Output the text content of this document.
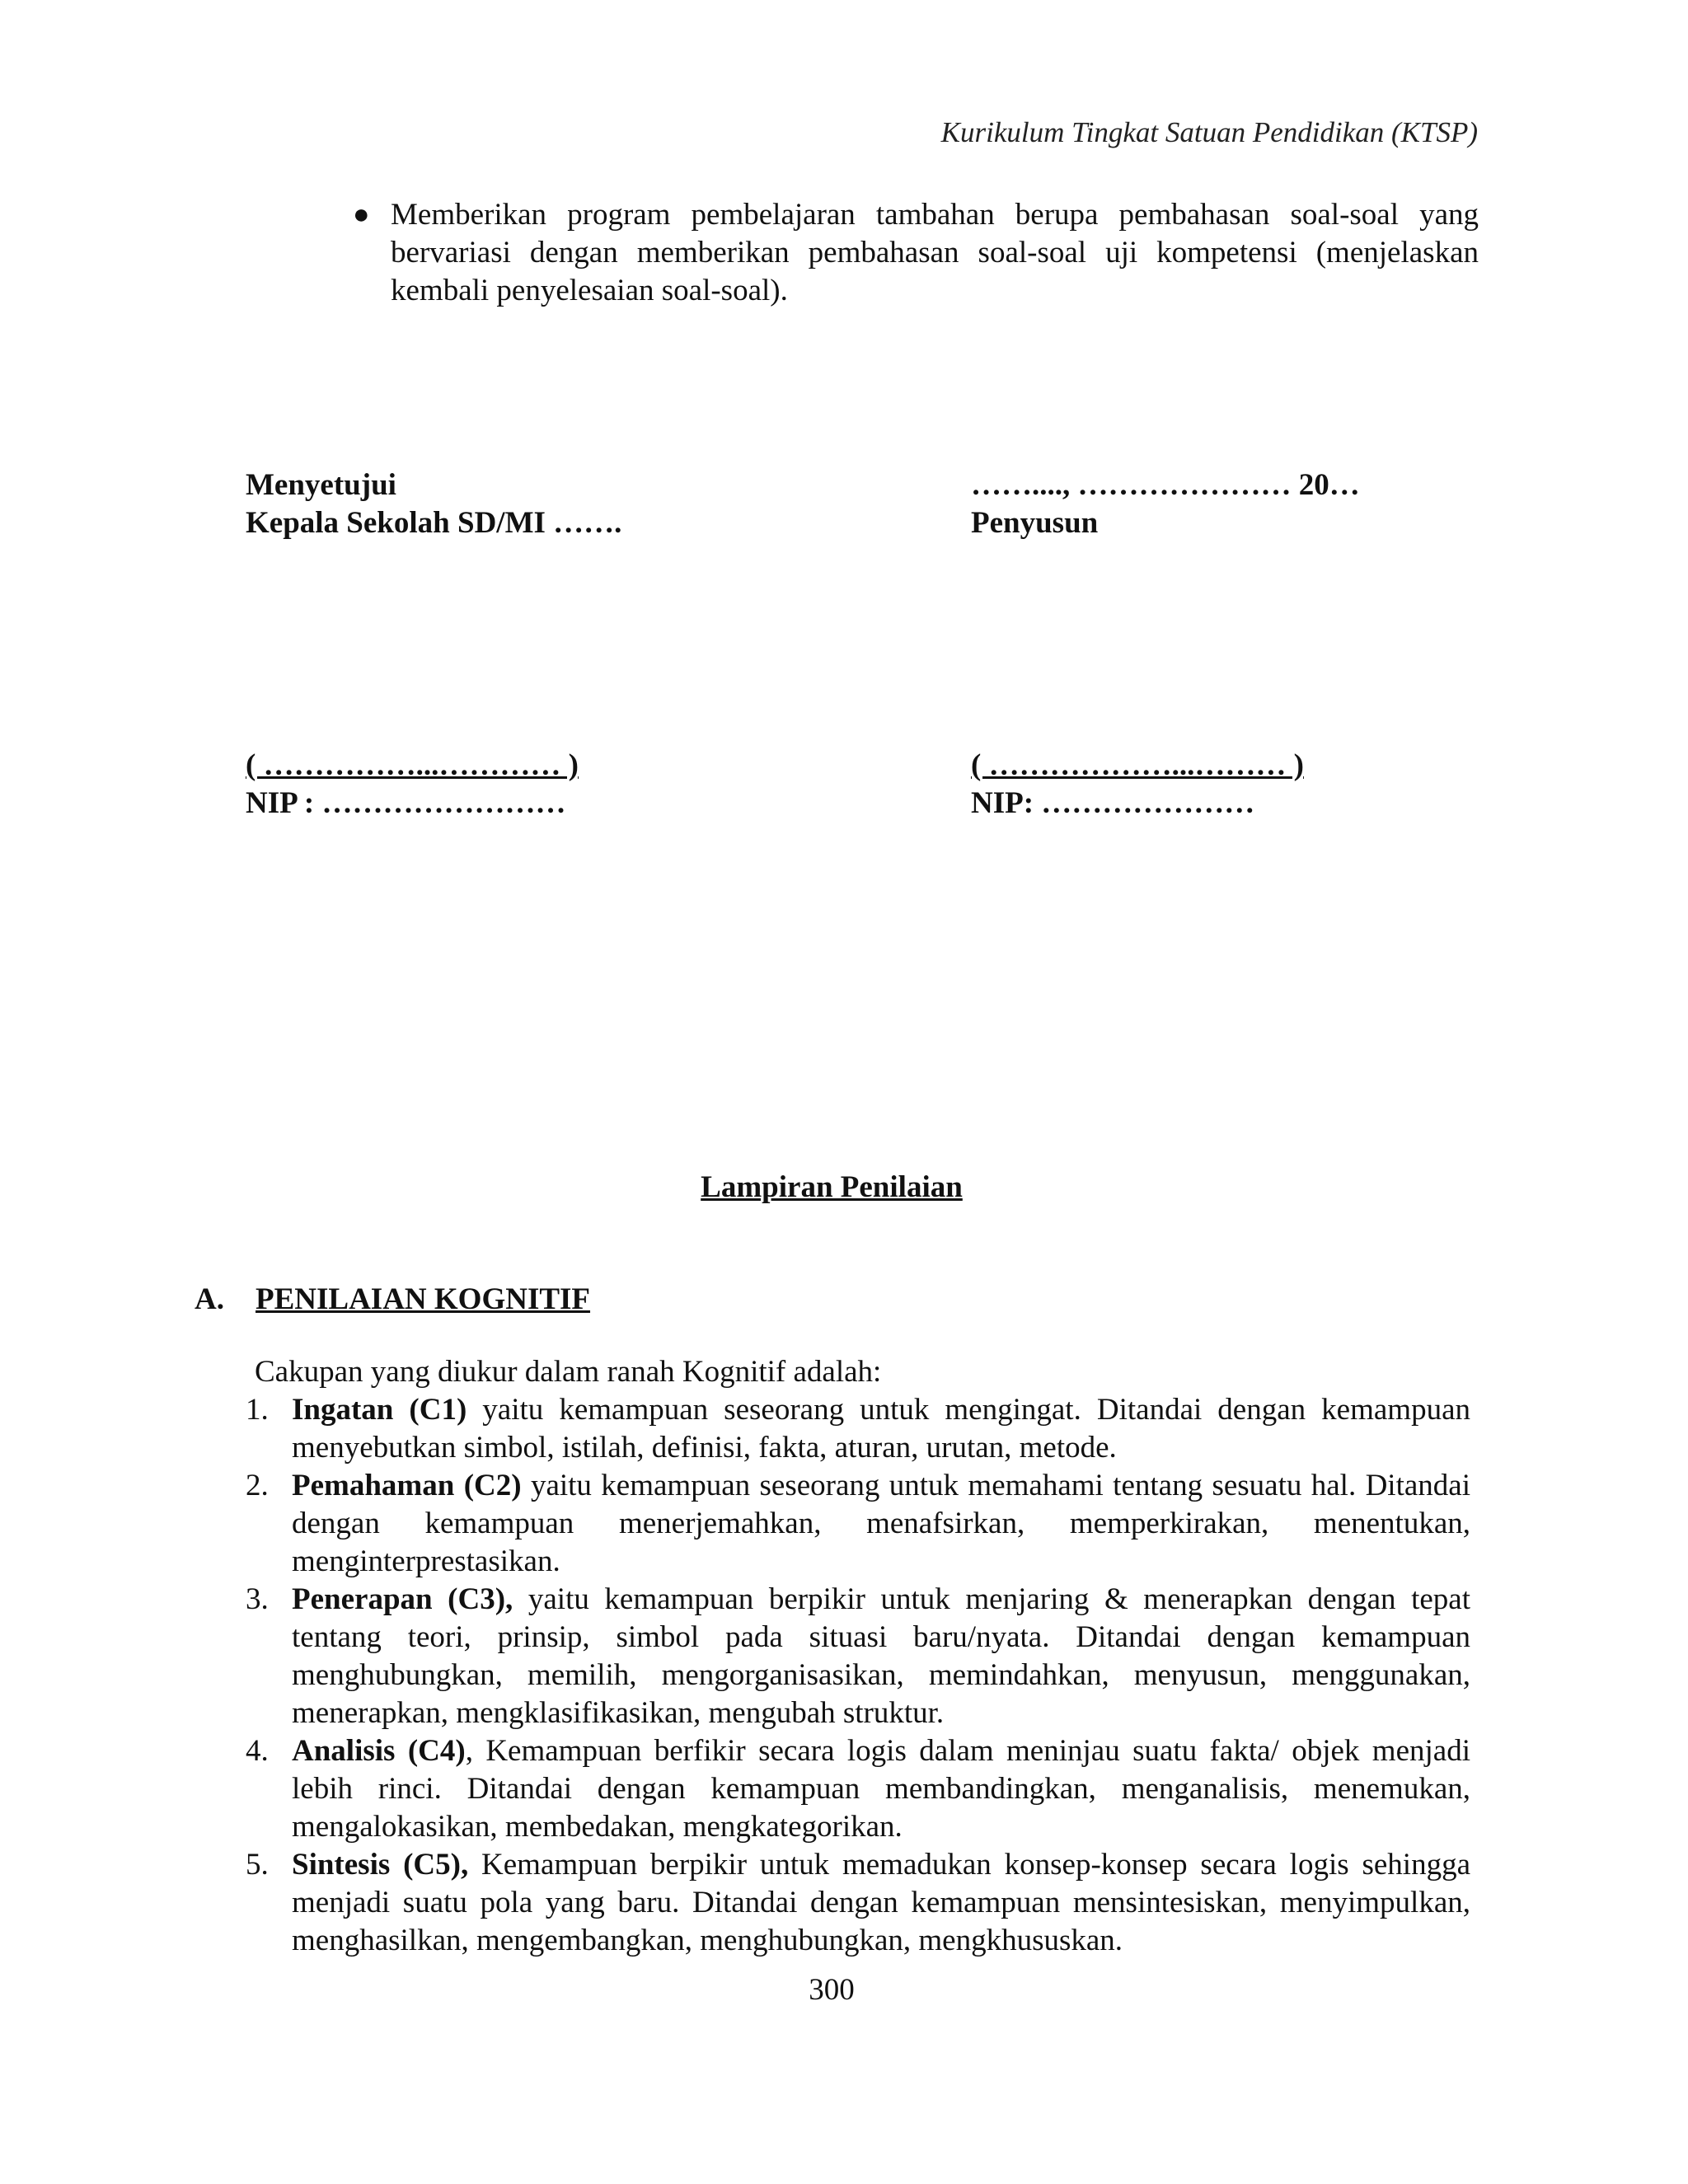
Kurikulum Tingkat Satuan Pendidikan (KTSP)
● Memberikan program pembelajaran tambahan berupa pembahasan soal-soal yang bervariasi dengan memberikan pembahasan soal-soal uji kompetensi (menjelaskan kembali penyelesaian soal-soal).
Menyetujui
Kepala Sekolah SD/MI …….
……...., ………………… 20…
Penyusun
( ……………...………… )
NIP : ……………………
( ………………...……… )
NIP: …………………
Lampiran Penilaian
A. PENILAIAN KOGNITIF
Cakupan yang diukur dalam ranah Kognitif adalah:
1. Ingatan (C1) yaitu kemampuan seseorang untuk mengingat. Ditandai dengan kemampuan menyebutkan simbol, istilah, definisi, fakta, aturan, urutan, metode.
2. Pemahaman (C2) yaitu kemampuan seseorang untuk memahami tentang sesuatu hal. Ditandai dengan kemampuan menerjemahkan, menafsirkan, memperkirakan, menentukan, menginterprestasikan.
3. Penerapan (C3), yaitu kemampuan berpikir untuk menjaring & menerapkan dengan tepat tentang teori, prinsip, simbol pada situasi baru/nyata. Ditandai dengan kemampuan menghubungkan, memilih, mengorganisasikan, memindahkan, menyusun, menggunakan, menerapkan, mengklasifikasikan, mengubah struktur.
4. Analisis (C4), Kemampuan berfikir secara logis dalam meninjau suatu fakta/ objek menjadi lebih rinci. Ditandai dengan kemampuan membandingkan, menganalisis, menemukan, mengalokasikan, membedakan, mengkategorikan.
5. Sintesis (C5), Kemampuan berpikir untuk memadukan konsep-konsep secara logis sehingga menjadi suatu pola yang baru. Ditandai dengan kemampuan mensintesiskan, menyimpulkan, menghasilkan, mengembangkan, menghubungkan, mengkhususkan.
300
